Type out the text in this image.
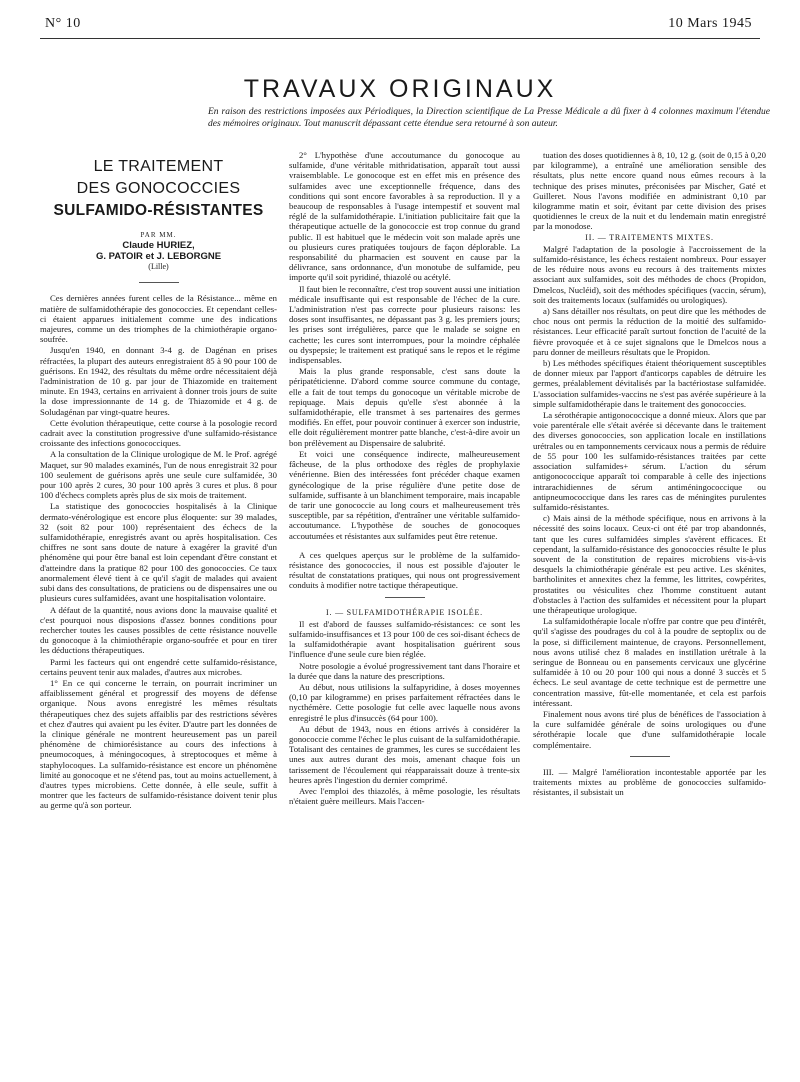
N° 10	10 Mars 1945
TRAVAUX ORIGINAUX
En raison des restrictions imposées aux Périodiques, la Direction scientifique de La Presse Médicale a dû fixer à 4 colonnes maximum l'étendue des mémoires originaux. Tout manuscrit dépassant cette étendue sera retourné à son auteur.
LE TRAITEMENT
DES GONOCOCCIES
SULFAMIDO-RÉSISTANTES
PAR MM.
Claude HURIEZ,
G. PATOIR et J. LEBORGNE
(Lille)

Ces dernières années furent celles de la Résistance... même en matière de sulfamidothérapie des gonococcies. Et cependant celles-ci étaient apparues initialement comme une des indications majeures, comme un des triomphes de la chimiothérapie organo-soufrée.

Jusqu'en 1940, en donnant 3-4 g. de Dagénan en prises réfractées, la plupart des auteurs enregistraient 85 à 90 pour 100 de guérisons. En 1942, des résultats du même ordre nécessitaient déjà l'administration de 10 g. par jour de Thiazomide en traitement minute. En 1943, certains en arrivaient à donner trois jours de suite la dose impressionnante de 14 g. de Thiazomide et 4 g. de Soludagénan par vingt-quatre heures.

Cette évolution thérapeutique, cette course à la posologie record cadrait avec la constitution progressive d'une sulfamido-résistance croissante des infections gonococciques.

A la consultation de la Clinique urologique de M. le Prof. agrégé Maquet, sur 90 malades examinés, l'un de nous enregistrait 32 pour 100 seulement de guérisons après une seule cure sulfamidée, 30 pour 100 après 2 cures, 30 pour 100 après 3 cures et plus. 8 pour 100 d'échecs complets après plus de six mois de traitement.

La statistique des gonococcies hospitalisés à la Clinique dermato-vénérologique est encore plus éloquente: sur 39 malades, 32 (soit 82 pour 100) représentaient des échecs de la sulfamidothérapie, enregistrés avant ou après hospitalisation. Ces chiffres ne sont sans doute de nature à exagérer la gravité d'un phénomène qui pour être banal est loin cependant d'être constant et d'atteindre dans la pratique 82 pour 100 des gonococcies. Ce taux anormalement élevé tient à ce qu'il s'agit de malades qui avaient subi dans des consultations, de praticiens ou de dispensaires une ou plusieurs cures sulfamidées, avant une hospitalisation volontaire.

A défaut de la quantité, nous avions donc la mauvaise qualité et c'est pourquoi nous disposions d'assez bonnes conditions pour rechercher toutes les causes possibles de cette résistance nouvelle du gonocoque à la chimiothérapie organo-soufrée et pour en tirer les déductions thérapeutiques.

Parmi les facteurs qui ont engendré cette sulfamido-résistance, certains peuvent tenir aux malades, d'autres aux microbes.

1° En ce qui concerne le terrain, on pourrait incriminer un affaiblissement général et progressif des moyens de défense organique. Nous avons enregistré les mêmes résultats thérapeutiques chez des sujets affaiblis par des restrictions sévères et chez d'autres qui avaient pu les éviter. D'autre part les données de la clinique générale ne montrent heureusement pas un pareil phénomène de chimiorésistance au cours des infections à pneumocoques, à méningocoques, à streptocoques et même à staphylocoques. La sulfamido-résistance est encore un phénomène limité au gonocoque et ne s'étend pas, tout au moins actuellement, à d'autres types microbiens. Cette donnée, à elle seule, suffit à montrer que les facteurs de sulfamido-résistance doivent tenir plus au germe qu'à son porteur.

2° L'hypothèse d'une accoutumance du gonocoque au sulfamide, d'une véritable mithridatisation, apparaît tout aussi vraisemblable. Le gonocoque est en effet mis en présence des sulfamides avec une exceptionnelle fréquence, dans des conditions qui sont encore favorables à sa reproduction. Il y a beaucoup de responsables à l'usage intempestif et souvent mal réglé de la sulfamidothérapie. L'initiation publicitaire fait que la thérapeutique actuelle de la gonococcie est trop connue du grand public. Il est habituel que le médecin voit son malade après une ou plusieurs cures pratiquées toujours de façon déplorable. La responsabilité du pharmacien est souvent en cause par la délivrance, sans ordonnance, d'un monotube de sulfamide, peu importe qu'il soit pyridiné, thiazolé ou acétylé.

Il faut bien le reconnaître, c'est trop souvent aussi une initiation médicale insuffisante qui est responsable de l'échec de la cure. L'administration n'est pas correcte pour plusieurs raisons: les doses sont insuffisantes, ne dépassant pas 3 g. les premiers jours; les prises sont irrégulières, parce que le malade se soigne en cachette; les cures sont interrompues, pour la moindre céphalée ou dyspepsie; le traitement est pratiqué sans le repos et le régime indispensables.

Mais la plus grande responsable, c'est sans doute la péripatéticienne. D'abord comme source commune du contage, elle a fait de tout temps du gonocoque un véritable microbe de repiquage. Mais depuis qu'elle s'est abonnée à la sulfamidothérapie, elle transmet à ses partenaires des germes modifiés. En effet, pour pouvoir continuer à exercer son industrie, elle doit régulièrement montrer patte blanche, c'est-à-dire avoir un bon prélèvement au Dispensaire de salubrité.

Et voici une conséquence indirecte, malheureusement fâcheuse, de la plus orthodoxe des règles de prophylaxie vénérienne. Bien des intéressées font précéder chaque examen gynécologique de la prise régulière d'une petite dose de sulfamide, suffisante à un blanchiment temporaire, mais incapable de tarir une gonococcie au long cours et malheureusement très susceptible, par sa répétition, d'entraîner une véritable sulfamido-accoutumance. L'hypothèse de souches de gonocoques accoutumées et résistantes aux sulfamides peut être retenue.

A ces quelques aperçus sur le problème de la sulfamido-résistance des gonococcies, il nous est possible d'ajouter le résultat de constatations pratiques, qui nous ont progressivement conduits à modifier notre tactique thérapeutique.

I. — SULFAMIDOTHÉRAPIE ISOLÉE.

Il est d'abord de fausses sulfamido-résistances: ce sont les sulfamido-insuffisances et 13 pour 100 de ces soi-disant échecs de la sulfamidothérapie avant hospitalisation guérirent sous l'influence d'une seule cure bien réglée.

Notre posologie a évolué progressivement tant dans l'horaire et la durée que dans la nature des prescriptions.

Au début, nous utilisions la sulfapyridine, à doses moyennes (0,10 par kilogramme) en prises parfaitement réfractées dans le nycthémère. Cette posologie fut celle avec laquelle nous avons enregistré le plus d'insuccès (64 pour 100).

Au début de 1943, nous en étions arrivés à considérer la gonococcie comme l'échec le plus cuisant de la sulfamidothérapie. Totalisant des centaines de grammes, les cures se succédaient les unes aux autres durant des mois, amenant chaque fois un tarissement de l'écoulement qui réapparaissait douze à trente-six heures après l'ingestion du dernier comprimé.

Avec l'emploi des thiazolés, à même posologie, les résultats n'étaient guère meilleurs. Mais l'accen-

tuation des doses quotidiennes à 8, 10, 12 g. (soit de 0,15 à 0,20 par kilogramme), a entraîné une amélioration sensible des résultats, plus nette encore quand nous eûmes recours à la technique des prises minutes, préconisées par Mischer, Gaté et Guilleret. Nous l'avons modifiée en administrant 0,10 par kilogramme matin et soir, évitant par cette division des prises quotidiennes le creux de la nuit et du lendemain matin enregistré par la monodose.

II. — TRAITEMENTS MIXTES.

Malgré l'adaptation de la posologie à l'accroissement de la sulfamido-résistance, les échecs restaient nombreux. Pour essayer de les réduire nous avons eu recours à des traitements mixtes associant aux sulfamides, soit des méthodes de chocs (Propidon, Dmelcos, Nucléid), soit des méthodes spécifiques (vaccin, sérum), soit des traitements locaux (sulfamidés ou urologiques).

a) Sans détailler nos résultats, on peut dire que les méthodes de choc nous ont permis la réduction de la moitié des sulfamido-résistances. Leur efficacité paraît surtout fonction de l'acuité de la fièvre provoquée et à ce sujet signalons que le Dmelcos nous a paru donner de meilleurs résultats que le Propidon.

b) Les méthodes spécifiques étaient théoriquement susceptibles de donner mieux par l'apport d'anticorps capables de détruire les germes, préalablement dévitalisés par la bactériostase sulfamidée. L'association sulfamides-vaccins ne s'est pas avérée supérieure à la simple sulfamidothérapie dans le traitement des gonococcies.

La sérothérapie antigonococcique a donné mieux. Alors que par voie parentérale elle s'était avérée si décevante dans le traitement des diverses gonococcies, son application locale en instillations urétrales ou en tamponnements cervicaux nous a permis de réduire de 55 pour 100 les sulfamido-résistances traitées par cette association sulfamides+ sérum. L'action du sérum antigonococcique apparaît toi comparable à celle des injections intrarachidiennes de sérum antiméningococcique ou antipneumococcique dans les rares cas de méningites purulentes sulfamido-résistantes.

c) Mais ainsi de la méthode spécifique, nous en arrivons à la nécessité des soins locaux. Ceux-ci ont été par trop abandonnés, tant que les cures sulfamidées simples s'avèrent efficaces. Et cependant, la sulfamido-résistance des gonococcies résulte le plus souvent de la constitution de repaires microbiens vis-à-vis desquels la chimiothérapie générale est peu active. Les skénites, bartholinites et annexites chez la femme, les littrites, cowpérites, prostatites ou vésiculites chez l'homme constituent autant d'obstacles à l'action des sulfamides et nécessitent pour la plupart une thérapeutique urologique.

La sulfamidothérapie locale n'offre par contre que peu d'intérêt, qu'il s'agisse des poudrages du col à la poudre de septoplix ou de la pose, si difficilement maintenue, de crayons. Personnellement, nous avons utilisé chez 8 malades en instillation urétrale à la seringue de Bonneau ou en pansements cervicaux une glycérine sulfamidée à 10 ou 20 pour 100 qui nous a donné 3 succès et 5 échecs. Le seul avantage de cette technique est de permettre une concentration massive, fût-elle momentanée, et cela est parfois intéressant.

Finalement nous avons tiré plus de bénéfices de l'association à la cure sulfamidée générale de soins urologiques ou d'une sérothérapie locale que d'une sulfamidothérapie locale complémentaire.

III. — Malgré l'amélioration incontestable apportée par les traitements mixtes au problème de gonococcies sulfamido-résistantes, il subsistait un
